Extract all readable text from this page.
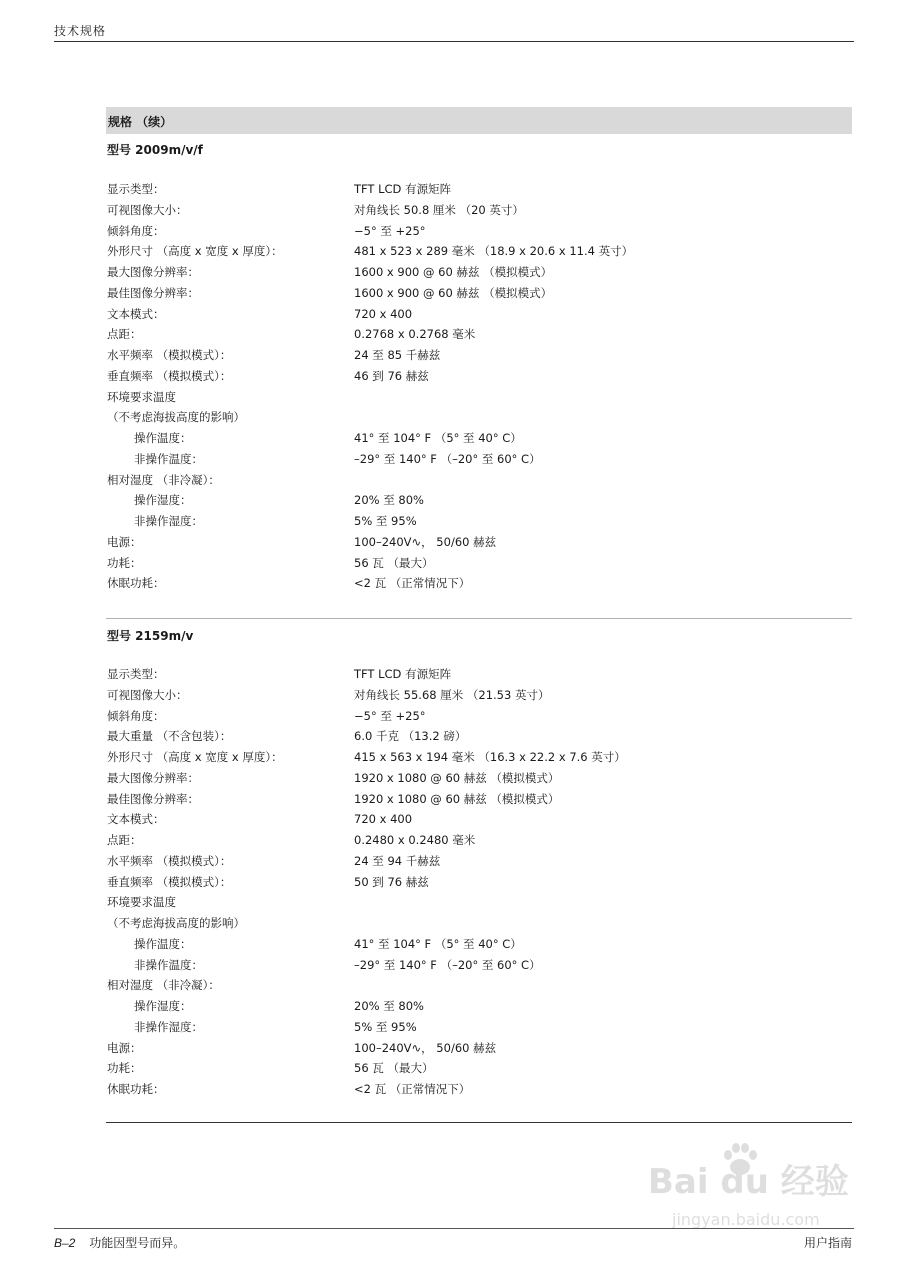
技术规格
规格 （续）
型号 2009m/v/f
显示类型：	TFT LCD 有源矩阵
可视图像大小：	对角线长 50.8 厘米 （20 英寸）
倾斜角度：	−5° 至 +25°
外形尺寸 （高度 x 宽度 x 厚度）：	481 x 523 x 289 毫米 （18.9 x 20.6 x 11.4 英寸）
最大图像分辨率：	1600 x 900 @ 60 赫兹 （模拟模式）
最佳图像分辨率：	1600 x 900 @ 60 赫兹 （模拟模式）
文本模式：	720 x 400
点距：	0.2768 x 0.2768 毫米
水平频率 （模拟模式）：	24 至 85 千赫兹
垂直频率 （模拟模式）：	46 到 76 赫兹
环境要求温度
（不考虑海拔高度的影响）
操作温度：	41° 至 104° F （5° 至 40° C）
非操作温度：	–29° 至 140° F （–20° 至 60° C）
相对湿度 （非冷凝）：
操作湿度：	20% 至 80%
非操作湿度：	5% 至 95%
电源：	100–240V∿， 50/60 赫兹
功耗：	56 瓦 （最大）
休眠功耗：	<2 瓦 （正常情况下）
型号 2159m/v
显示类型：	TFT LCD 有源矩阵
可视图像大小：	对角线长 55.68 厘米 （21.53 英寸）
倾斜角度：	−5° 至 +25°
最大重量 （不含包装）：	6.0 千克 （13.2 磅）
外形尺寸 （高度 x 宽度 x 厚度）：	415 x 563 x 194 毫米 （16.3 x 22.2 x 7.6 英寸）
最大图像分辨率：	1920 x 1080 @ 60 赫兹 （模拟模式）
最佳图像分辨率：	1920 x 1080 @ 60 赫兹 （模拟模式）
文本模式：	720 x 400
点距：	0.2480 x 0.2480 毫米
水平频率 （模拟模式）：	24 至 94 千赫兹
垂直频率 （模拟模式）：	50 到 76 赫兹
环境要求温度
（不考虑海拔高度的影响）
操作温度：	41° 至 104° F （5° 至 40° C）
非操作温度：	–29° 至 140° F （–20° 至 60° C）
相对湿度 （非冷凝）：
操作湿度：	20% 至 80%
非操作湿度：	5% 至 95%
电源：	100–240V∿， 50/60 赫兹
功耗：	56 瓦 （最大）
休眠功耗：	<2 瓦 （正常情况下）
Bai du 经验
jingyan.baidu.com
B–2 功能因型号而异。	用户指南
